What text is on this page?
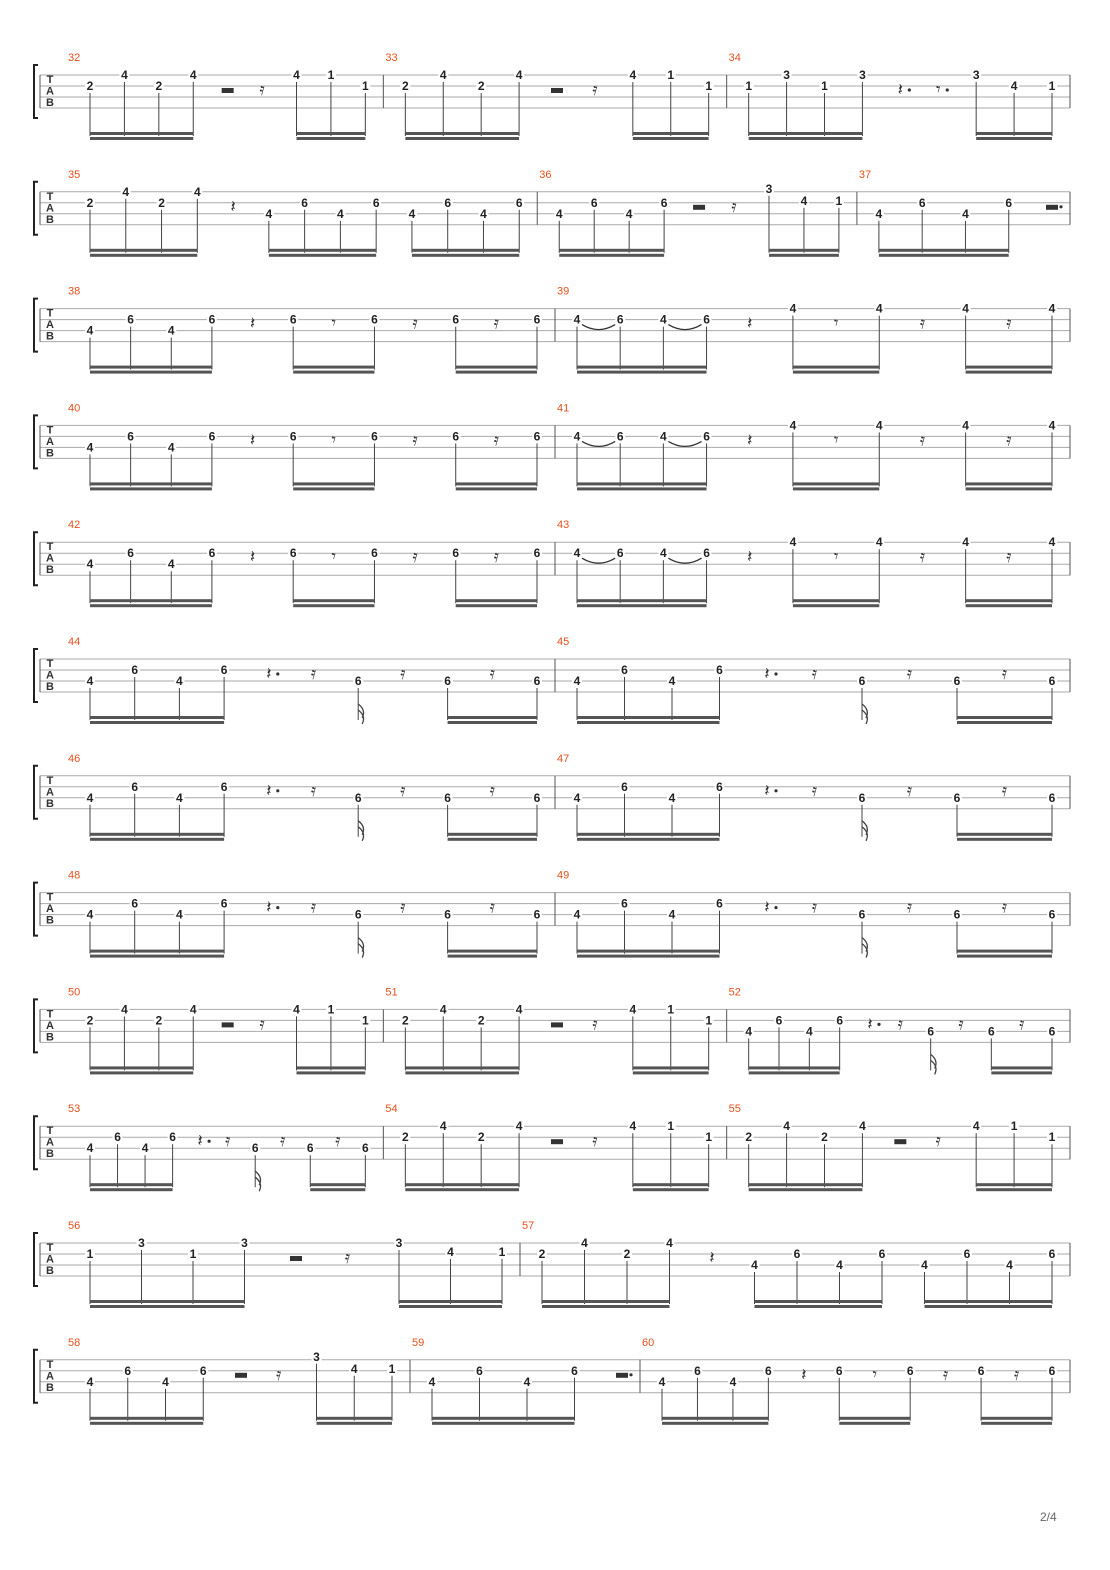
T
A
B
32
2
4
2
4
𝄿
4 1
1
33
2
4
2
4
𝄿
4	1
1
34
1
3
1
3
𝄽 𝄾
3
4	1
T
A
B
35
2
4
2
4
𝄽 4
6
4
6
4
6
4
6
36
4
6
4
6	𝄿
3
4 1
37
4
6
4
6
T
A
B
38
4
6
4
6 𝄽	6 𝄾	6 𝄿	6 𝄿	6
39
4	6	4	6 𝄽
4
𝄾
4
𝄿
4
𝄿
4
T
A
B
40
4
6
4
6 𝄽	6 𝄾	6 𝄿	6 𝄿	6
41
4	6	4	6 𝄽
4
𝄾
4
𝄿
4
𝄿
4
T
A
B
42
4
6
4
6 𝄽	6 𝄾	6 𝄿	6 𝄿	6
43
4	6	4	6 𝄽
4
𝄾
4
𝄿
4
𝄿
4
T
A
B
44
4
6
4
6 𝄽 𝄿	6 𝄿	6 𝄿	6
45
4
6
4
6 𝄽 𝄿	6 𝄿	6 𝄿	6
T
A
B
46
4
6
4
6 𝄽 𝄿	6 𝄿	6 𝄿	6
47
4
6
4
6 𝄽 𝄿	6 𝄿	6 𝄿	6
T
A
B
48
4
6
4
6 𝄽 𝄿	6 𝄿	6 𝄿	6
49
4
6
4
6 𝄽 𝄿	6 𝄿	6 𝄿	6
T
A
B
50
2
4
2
4
𝄿
4 1
1
51
2
4
2
4
𝄿
4	1
1
52
4
6
4
6 𝄽 𝄿 6 𝄿 6 𝄿 6
T
A
B
53
4
6
4
6 𝄽 𝄿 6 𝄿 6 𝄿 6
54
2
4
2
4
𝄿
4	1
1
55
2
4
2
4
𝄿
4	1
1
T
A
B
56
1
3
1
3
𝄿
3
4	1
57
2
4
2
4
𝄽	4
6
4
6
4
6
4
6
T
A
B
58
4
6
4
6	𝄿
3
4	1
59
4
6
4
6
60
4
6
4
6 𝄽 6 𝄾 6 𝄿 6 𝄿 6
2/4
